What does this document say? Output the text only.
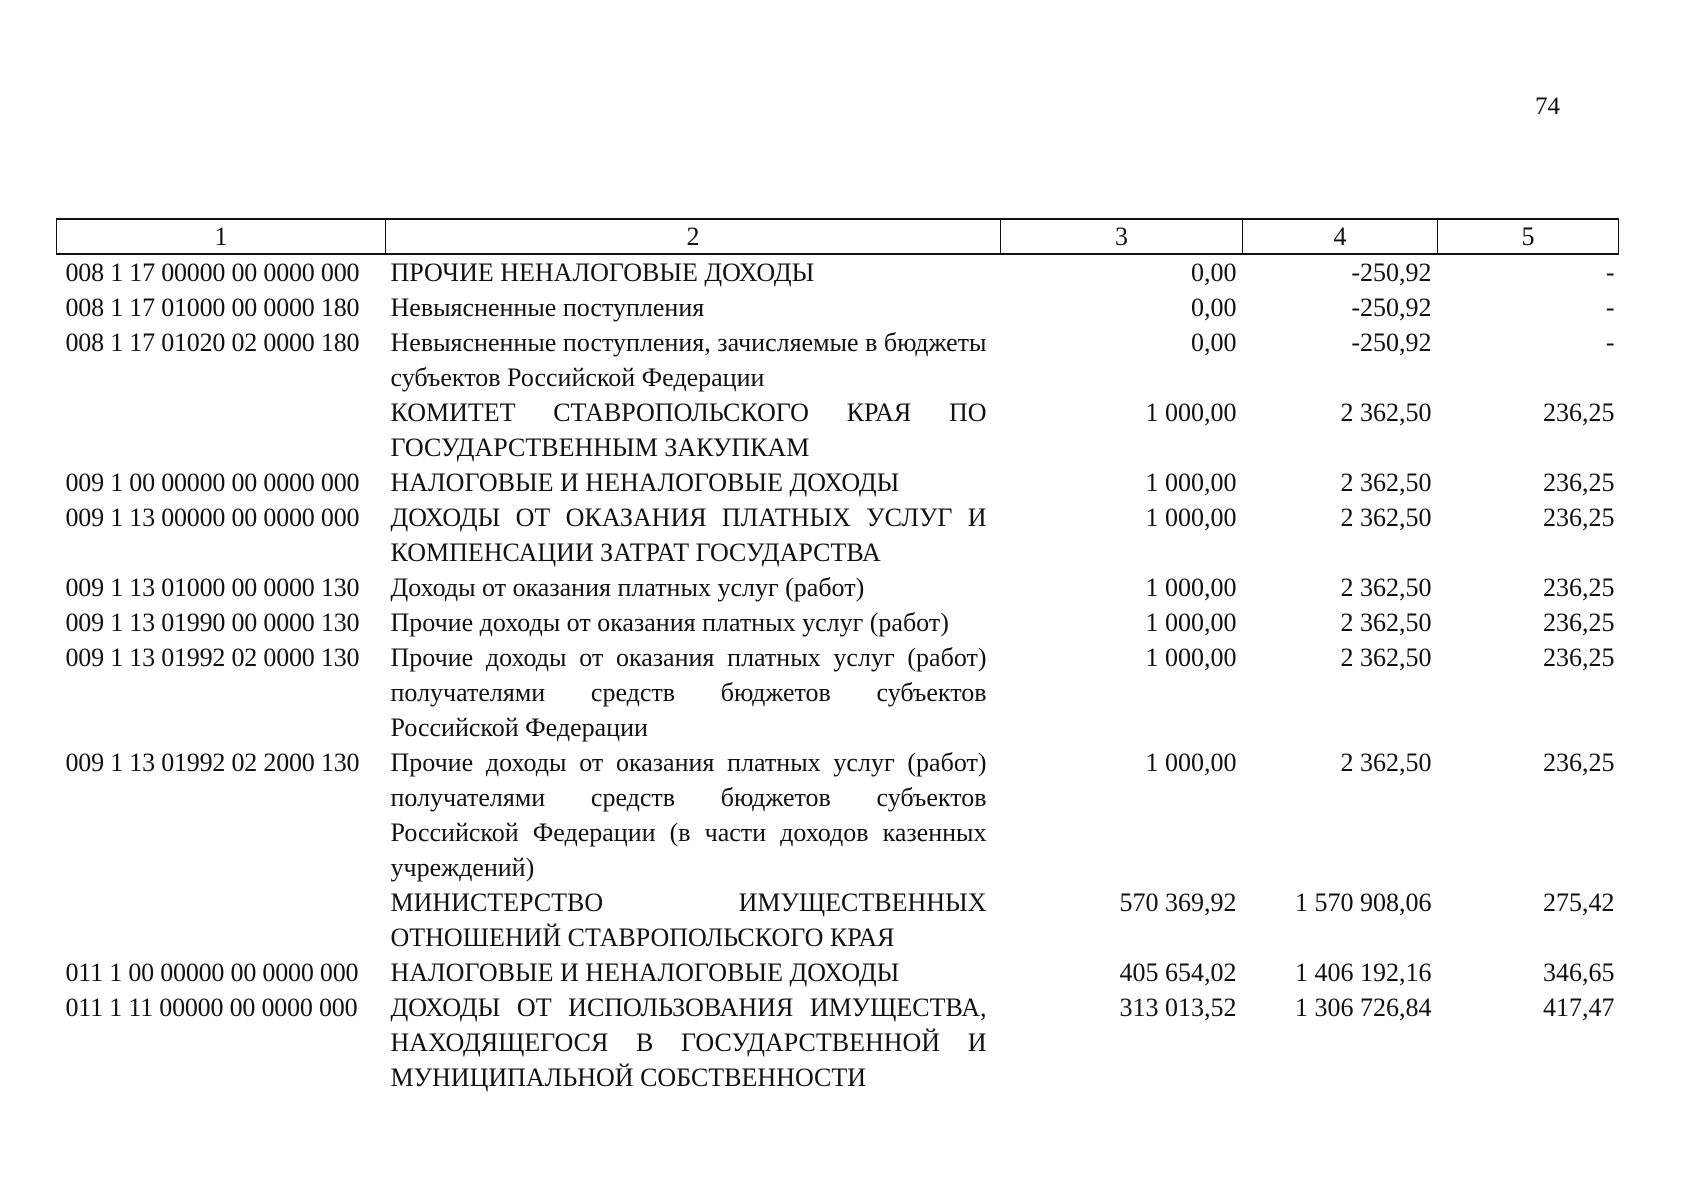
74
1	2	3	4	5
008 1 17 00000 00 0000 000	ПРОЧИЕ НЕНАЛОГОВЫЕ ДОХОДЫ	0,00	-250,92	-
008 1 17 01000 00 0000 180	Невыясненные поступления	0,00	-250,92	-
008 1 17 01020 02 0000 180	Невыясненные поступления, зачисляемые в бюджеты субъектов Российской Федерации	0,00	-250,92	-
	КОМИТЕТ СТАВРОПОЛЬСКОГО КРАЯ ПО ГОСУДАРСТВЕННЫМ ЗАКУПКАМ	1 000,00	2 362,50	236,25
009 1 00 00000 00 0000 000	НАЛОГОВЫЕ И НЕНАЛОГОВЫЕ ДОХОДЫ	1 000,00	2 362,50	236,25
009 1 13 00000 00 0000 000	ДОХОДЫ ОТ ОКАЗАНИЯ ПЛАТНЫХ УСЛУГ И КОМПЕНСАЦИИ ЗАТРАТ ГОСУДАРСТВА	1 000,00	2 362,50	236,25
009 1 13 01000 00 0000 130	Доходы от оказания платных услуг (работ)	1 000,00	2 362,50	236,25
009 1 13 01990 00 0000 130	Прочие доходы от оказания платных услуг (работ)	1 000,00	2 362,50	236,25
009 1 13 01992 02 0000 130	Прочие доходы от оказания платных услуг (работ) получателями средств бюджетов субъектов Российской Федерации	1 000,00	2 362,50	236,25
009 1 13 01992 02 2000 130	Прочие доходы от оказания платных услуг (работ) получателями средств бюджетов субъектов Российской Федерации (в части доходов казенных учреждений)	1 000,00	2 362,50	236,25
	МИНИСТЕРСТВО ИМУЩЕСТВЕННЫХ ОТНОШЕНИЙ СТАВРОПОЛЬСКОГО КРАЯ	570 369,92	1 570 908,06	275,42
011 1 00 00000 00 0000 000	НАЛОГОВЫЕ И НЕНАЛОГОВЫЕ ДОХОДЫ	405 654,02	1 406 192,16	346,65
011 1 11 00000 00 0000 000	ДОХОДЫ ОТ ИСПОЛЬЗОВАНИЯ ИМУЩЕСТВА, НАХОДЯЩЕГОСЯ В ГОСУДАРСТВЕННОЙ И МУНИЦИПАЛЬНОЙ СОБСТВЕННОСТИ	313 013,52	1 306 726,84	417,47
